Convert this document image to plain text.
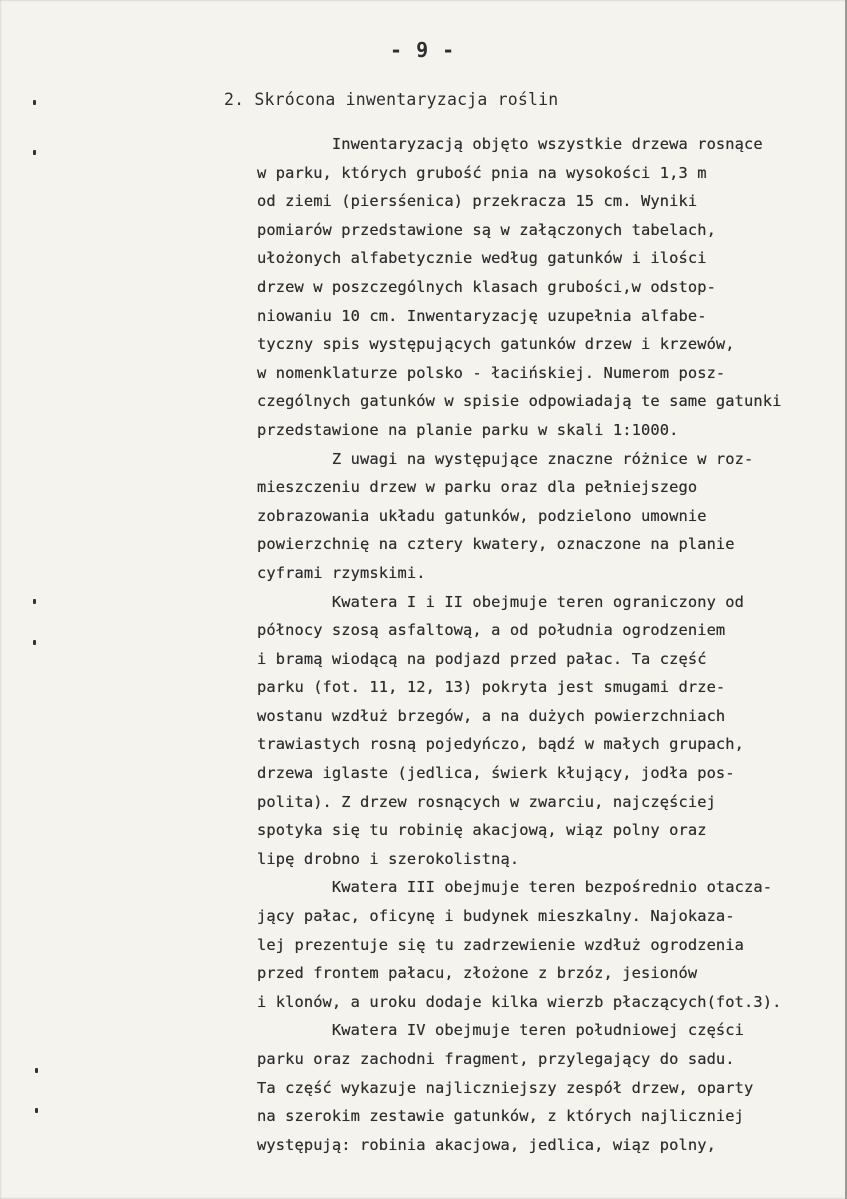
- 9 -
2. Skrócona inwentaryzacja roślin
Inwentaryzacją objęto wszystkie drzewa rosnące
w parku, których grubość pnia na wysokości 1,3 m
od ziemi (piersśenica) przekracza 15 cm. Wyniki
pomiarów przedstawione są w załączonych tabelach,
ułożonych alfabetycznie według gatunków i ilości
drzew w poszczególnych klasach grubości,w odstop-
niowaniu 10 cm. Inwentaryzację uzupełnia alfabe-
tyczny spis występujących gatunków drzew i krzewów,
w nomenklaturze polsko - łacińskiej. Numerom posz-
czególnych gatunków w spisie odpowiadają te same gatunki
przedstawione na planie parku w skali 1:1000.
Z uwagi na występujące znaczne różnice w roz-
mieszczeniu drzew w parku oraz dla pełniejszego
zobrazowania układu gatunków, podzielono umownie
powierzchnię na cztery kwatery, oznaczone na planie
cyframi rzymskimi.
Kwatera I i II obejmuje teren ograniczony od
północy szosą asfaltową, a od południa ogrodzeniem
i bramą wiodącą na podjazd przed pałac. Ta część
parku (fot. 11, 12, 13) pokryta jest smugami drze-
wostanu wzdłuż brzegów, a na dużych powierzchniach
trawiastych rosną pojedyńczo, bądź w małych grupach,
drzewa iglaste (jedlica, świerk kłujący, jodła pos-
polita). Z drzew rosnących w zwarciu, najczęściej
spotyka się tu robinię akacjową, wiąz polny oraz
lipę drobno i szerokolistną.
Kwatera III obejmuje teren bezpośrednio otacza-
jący pałac, oficynę i budynek mieszkalny. Najokaza-
lej prezentuje się tu zadrzewienie wzdłuż ogrodzenia
przed frontem pałacu, złożone z brzóz, jesionów
i klonów, a uroku dodaje kilka wierzb płaczących(fot.3).
Kwatera IV obejmuje teren południowej części
parku oraz zachodni fragment, przylegający do sadu.
Ta część wykazuje najliczniejszy zespół drzew, oparty
na szerokim zestawie gatunków, z których najliczniej
występują: robinia akacjowa, jedlica, wiąz polny,
